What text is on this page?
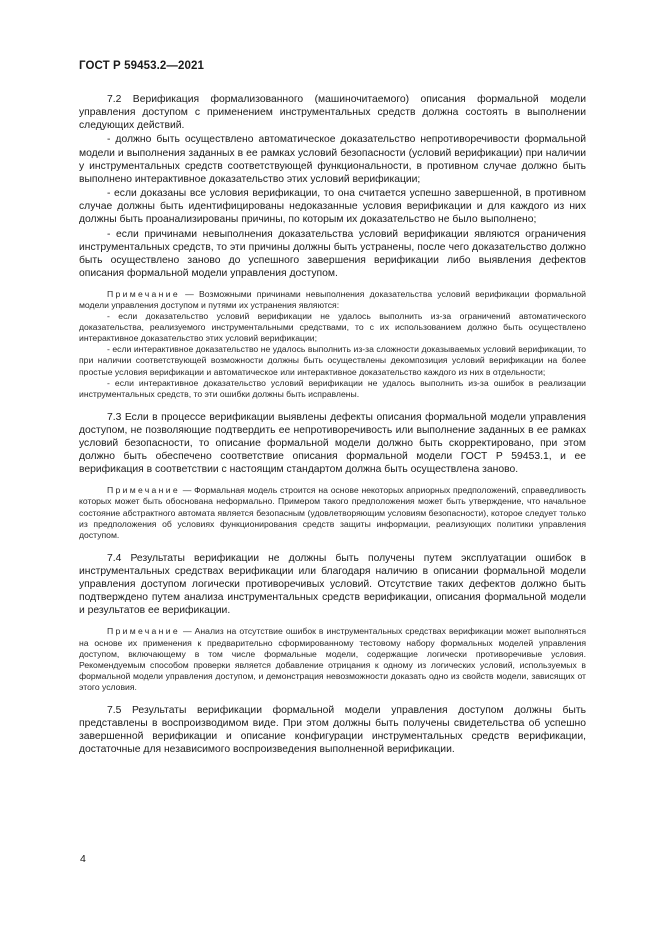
ГОСТ Р 59453.2—2021

7.2 Верификация формализованного (машиночитаемого) описания формальной модели управления доступом с применением инструментальных средств должна состоять в выполнении следующих действий.

- должно быть осуществлено автоматическое доказательство непротиворечивости формальной модели и выполнения заданных в ее рамках условий безопасности (условий верификации) при наличии у инструментальных средств соответствующей функциональности, в противном случае должно быть выполнено интерактивное доказательство этих условий верификации;

- если доказаны все условия верификации, то она считается успешно завершенной, в противном случае должны быть идентифицированы недоказанные условия верификации и для каждого из них должны быть проанализированы причины, по которым их доказательство не было выполнено;

- если причинами невыполнения доказательства условий верификации являются ограничения инструментальных средств, то эти причины должны быть устранены, после чего доказательство должно быть осуществлено заново до успешного завершения верификации либо выявления дефектов описания формальной модели управления доступом.

Примечание — Возможными причинами невыполнения доказательства условий верификации формальной модели управления доступом и путями их устранения являются:

- если доказательство условий верификации не удалось выполнить из-за ограничений автоматического доказательства, реализуемого инструментальными средствами, то с их использованием должно быть осуществлено интерактивное доказательство этих условий верификации;

- если интерактивное доказательство не удалось выполнить из-за сложности доказываемых условий верификации, то при наличии соответствующей возможности должны быть осуществлены декомпозиция условий верификации на более простые условия верификации и автоматическое или интерактивное доказательство каждого из них в отдельности;

- если интерактивное доказательство условий верификации не удалось выполнить из-за ошибок в реализации инструментальных средств, то эти ошибки должны быть исправлены.

7.3 Если в процессе верификации выявлены дефекты описания формальной модели управления доступом, не позволяющие подтвердить ее непротиворечивость или выполнение заданных в ее рамках условий безопасности, то описание формальной модели должно быть скорректировано, при этом должно быть обеспечено соответствие описания формальной модели ГОСТ Р 59453.1, и ее верификация в соответствии с настоящим стандартом должна быть осуществлена заново.

Примечание — Формальная модель строится на основе некоторых априорных предположений, справедливость которых может быть обоснована неформально. Примером такого предположения может быть утверждение, что начальное состояние абстрактного автомата является безопасным (удовлетворяющим условиям безопасности), которое следует только из предположения об условиях функционирования средств защиты информации, реализующих политики управления доступом.

7.4 Результаты верификации не должны быть получены путем эксплуатации ошибок в инструментальных средствах верификации или благодаря наличию в описании формальной модели управления доступом логически противоречивых условий. Отсутствие таких дефектов должно быть подтверждено путем анализа инструментальных средств верификации, описания формальной модели и результатов ее верификации.

Примечание — Анализ на отсутствие ошибок в инструментальных средствах верификации может выполняться на основе их применения к предварительно сформированному тестовому набору формальных моделей управления доступом, включающему в том числе формальные модели, содержащие логически противоречивые условия. Рекомендуемым способом проверки является добавление отрицания к одному из логических условий, используемых в формальной модели управления доступом, и демонстрация невозможности доказать одно из свойств модели, зависящих от этого условия.

7.5 Результаты верификации формальной модели управления доступом должны быть представлены в воспроизводимом виде. При этом должны быть получены свидетельства об успешно завершенной верификации и описание конфигурации инструментальных средств верификации, достаточные для независимого воспроизведения выполненной верификации.

4
